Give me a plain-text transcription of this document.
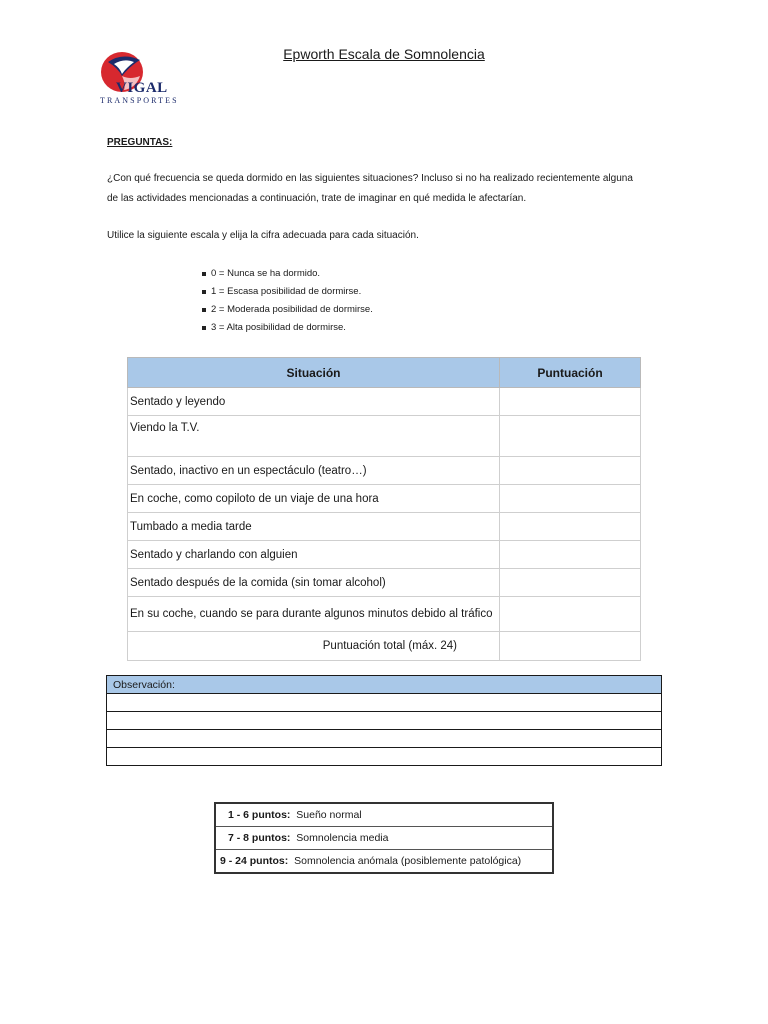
VIGAL
TRANSPORTES
Epworth Escala de Somnolencia
PREGUNTAS:
¿Con qué frecuencia se queda dormido en las siguientes situaciones? Incluso si no ha realizado recientemente alguna
de las actividades mencionadas a continuación, trate de imaginar en qué medida le afectarían.
Utilice la siguiente escala y elija la cifra adecuada para cada situación.
0 = Nunca se ha dormido.
1 = Escasa posibilidad de dormirse.
2 = Moderada posibilidad de dormirse.
3 = Alta posibilidad de dormirse.
Situación	Puntuación
Sentado y leyendo	
Viendo la T.V.	
Sentado, inactivo en un espectáculo (teatro…)	
En coche, como copiloto de un viaje de una hora	
Tumbado a media tarde	
Sentado y charlando con alguien	
Sentado después de la comida (sin tomar alcohol)	
En su coche, cuando se para durante algunos minutos debido al tráfico	
Puntuación total (máx. 24)	
Observación:

1 - 6 puntos: Sueño normal
7 - 8 puntos: Somnolencia media
9 - 24 puntos: Somnolencia anómala (posiblemente patológica)
